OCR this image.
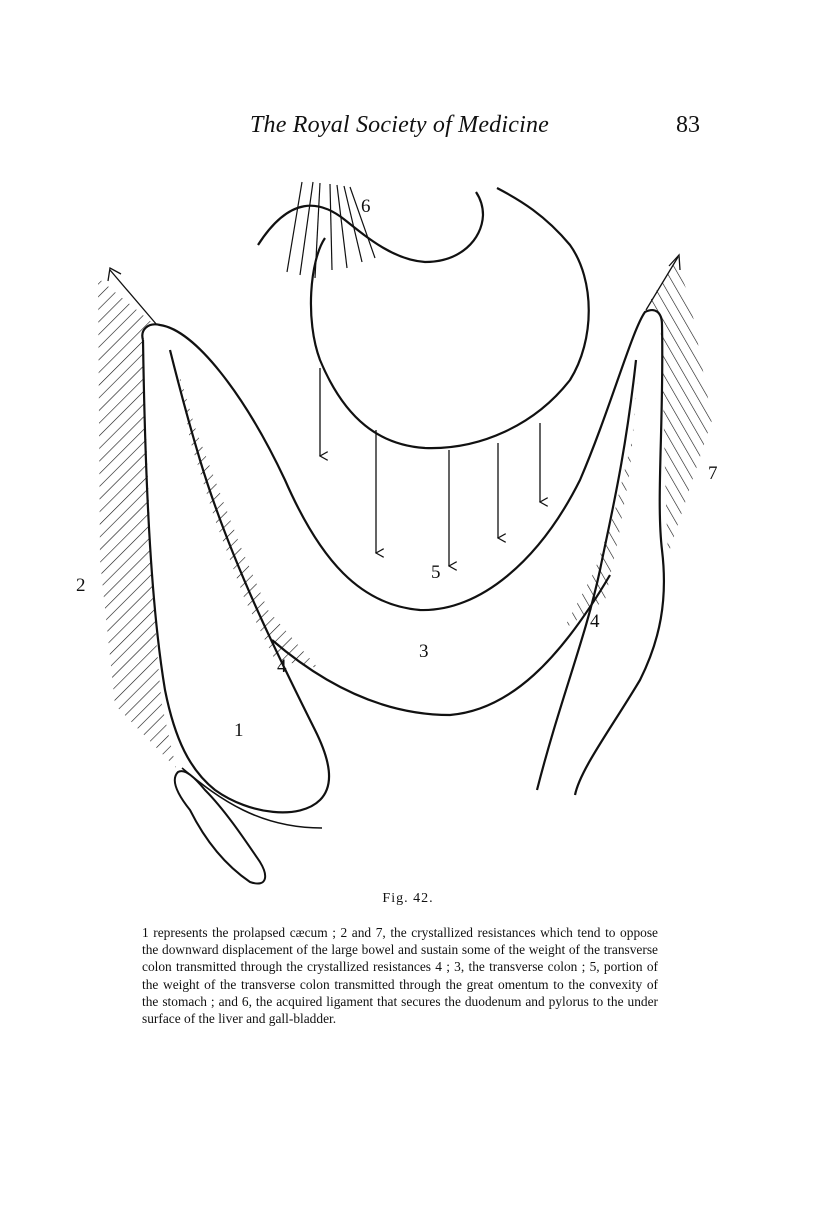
The Royal Society of Medicine	83
1
2
3
4
4
5
6
7
Fig. 42.
1 represents the prolapsed cæcum ; 2 and 7, the crystallized resistances which tend to oppose the downward displacement of the large bowel and sustain some of the weight of the transverse colon transmitted through the crystallized resistances 4 ; 3, the transverse colon ; 5, portion of the weight of the transverse colon transmitted through the great omentum to the convexity of the stomach ; and 6, the acquired ligament that secures the duodenum and pylorus to the under surface of the liver and gall-bladder.
